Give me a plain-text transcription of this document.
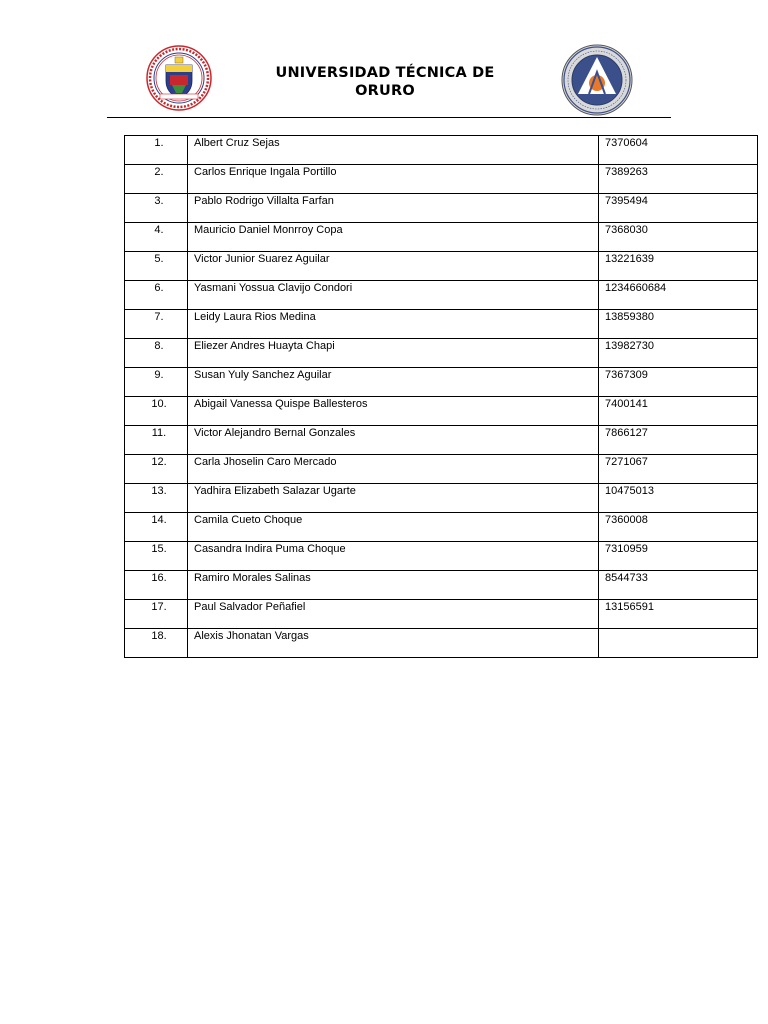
UNIVERSIDAD TÉCNICA DE
ORURO
1.	Albert Cruz Sejas	7370604

2.	Carlos Enrique Ingala Portillo	7389263

3.	Pablo Rodrigo Villalta Farfan	7395494

4.	Mauricio Daniel Monrroy Copa	7368030

5.	Victor Junior Suarez Aguilar	13221639

6.	Yasmani Yossua Clavijo Condori	1234660684

7.	Leidy Laura Rios Medina	13859380

8.	Eliezer Andres Huayta Chapi	13982730

9.	Susan Yuly Sanchez Aguilar	7367309

10.	Abigail Vanessa Quispe Ballesteros	7400141

11.	Victor Alejandro Bernal Gonzales	7866127

12.	Carla Jhoselin Caro Mercado	7271067

13.	Yadhira Elizabeth Salazar Ugarte	10475013

14.	Camila Cueto Choque	7360008

15.	Casandra Indira Puma Choque	7310959

16.	Ramiro Morales Salinas	8544733

17.	Paul Salvador Peñafiel	13156591

18.	Alexis Jhonatan Vargas	
